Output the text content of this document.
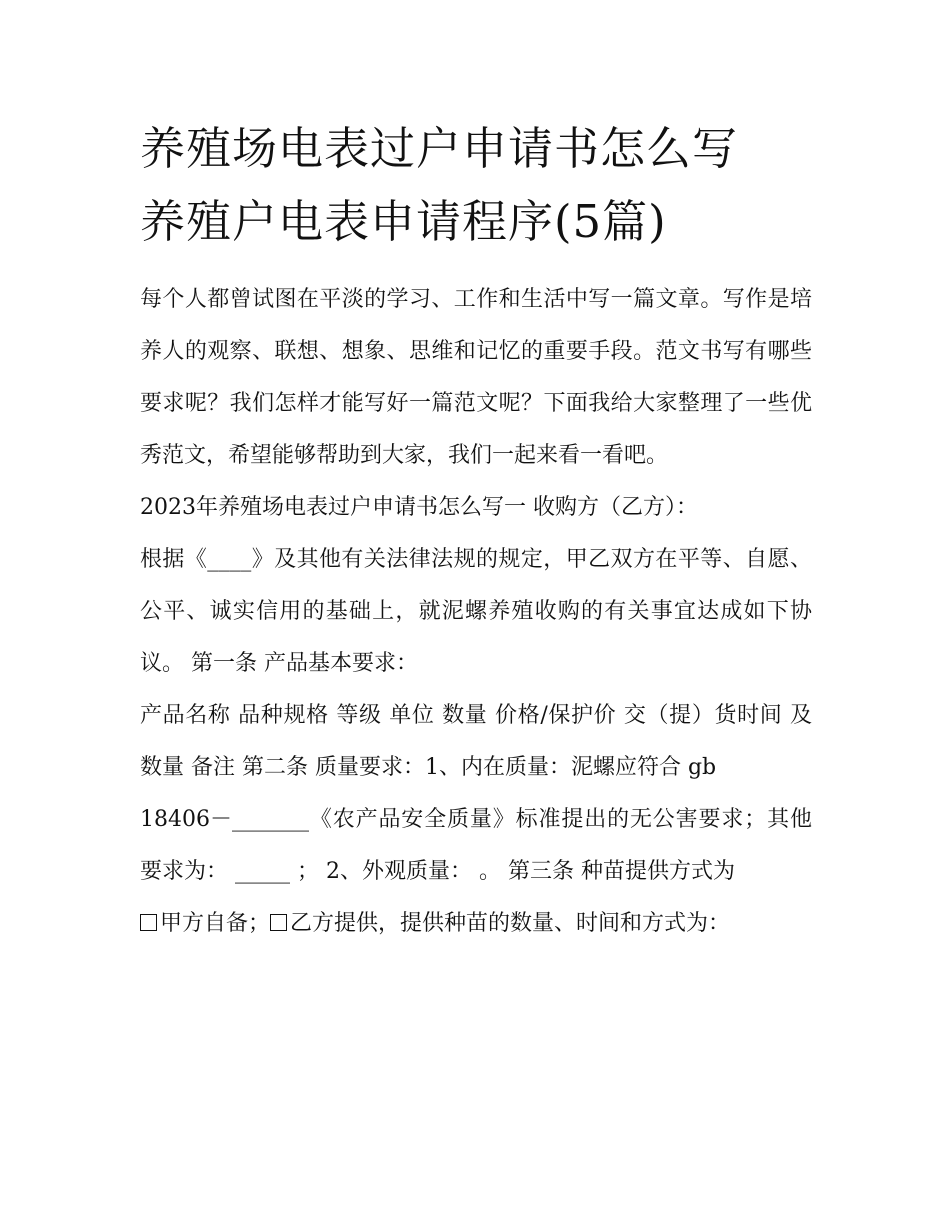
养殖场电表过户申请书怎么写
养殖户电表申请程序(5篇)

每个人都曾试图在平淡的学习、工作和生活中写一篇文章。写作是培养人的观察、联想、想象、思维和记忆的重要手段。范文书写有哪些要求呢？我们怎样才能写好一篇范文呢？下面我给大家整理了一些优秀范文，希望能够帮助到大家，我们一起来看一看吧。

2023年养殖场电表过户申请书怎么写一 收购方（乙方）：

根据《____》及其他有关法律法规的规定，甲乙双方在平等、自愿、公平、诚实信用的基础上，就泥螺养殖收购的有关事宜达成如下协议。 第一条 产品基本要求：

产品名称 品种规格 等级 单位 数量 价格/保护价 交（提）货时间 及数量 备注 第二条 质量要求：1、内在质量：泥螺应符合 gb

18406－_______《农产品安全质量》标准提出的无公害要求；其他要求为： _____ ； 2、外观质量： 。 第三条 种苗提供方式为

甲方自备； 乙方提供，提供种苗的数量、时间和方式为：
